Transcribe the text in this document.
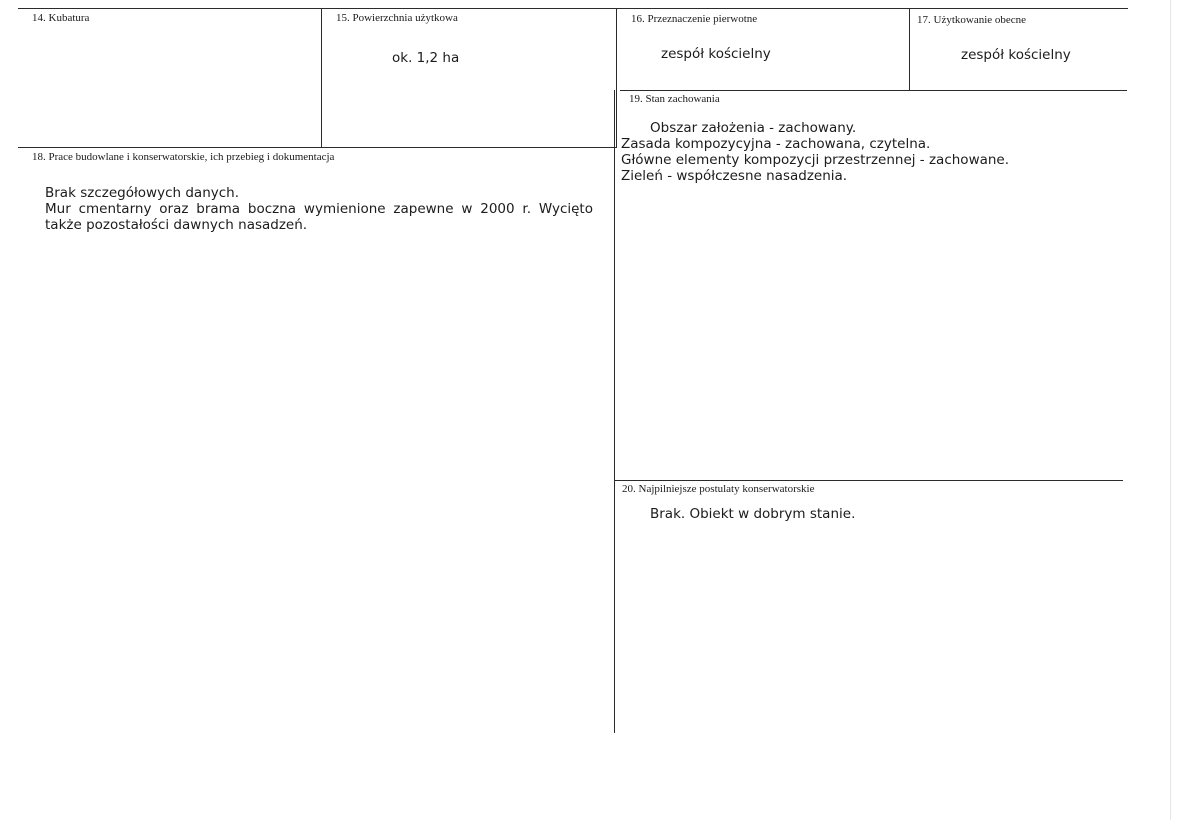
14. Kubatura	15. Powierzchnia użytkowa
ok. 1,2 ha
16. Przeznaczenie pierwotne
zespół kościelny
17. Użytkowanie obecne
zespół kościelny
19. Stan zachowania
Obszar założenia - zachowany.
Zasada kompozycyjna - zachowana, czytelna.
Główne elementy kompozycji przestrzennej - zachowane.
Zieleń - współczesne nasadzenia.
18. Prace budowlane i konserwatorskie, ich przebieg i dokumentacja
Brak szczegółowych danych.
Mur cmentarny oraz brama boczna wymienione zapewne w 2000 r. Wycięto także pozostałości dawnych nasadzeń.
20. Najpilniejsze postulaty konserwatorskie
Brak. Obiekt w dobrym stanie.
